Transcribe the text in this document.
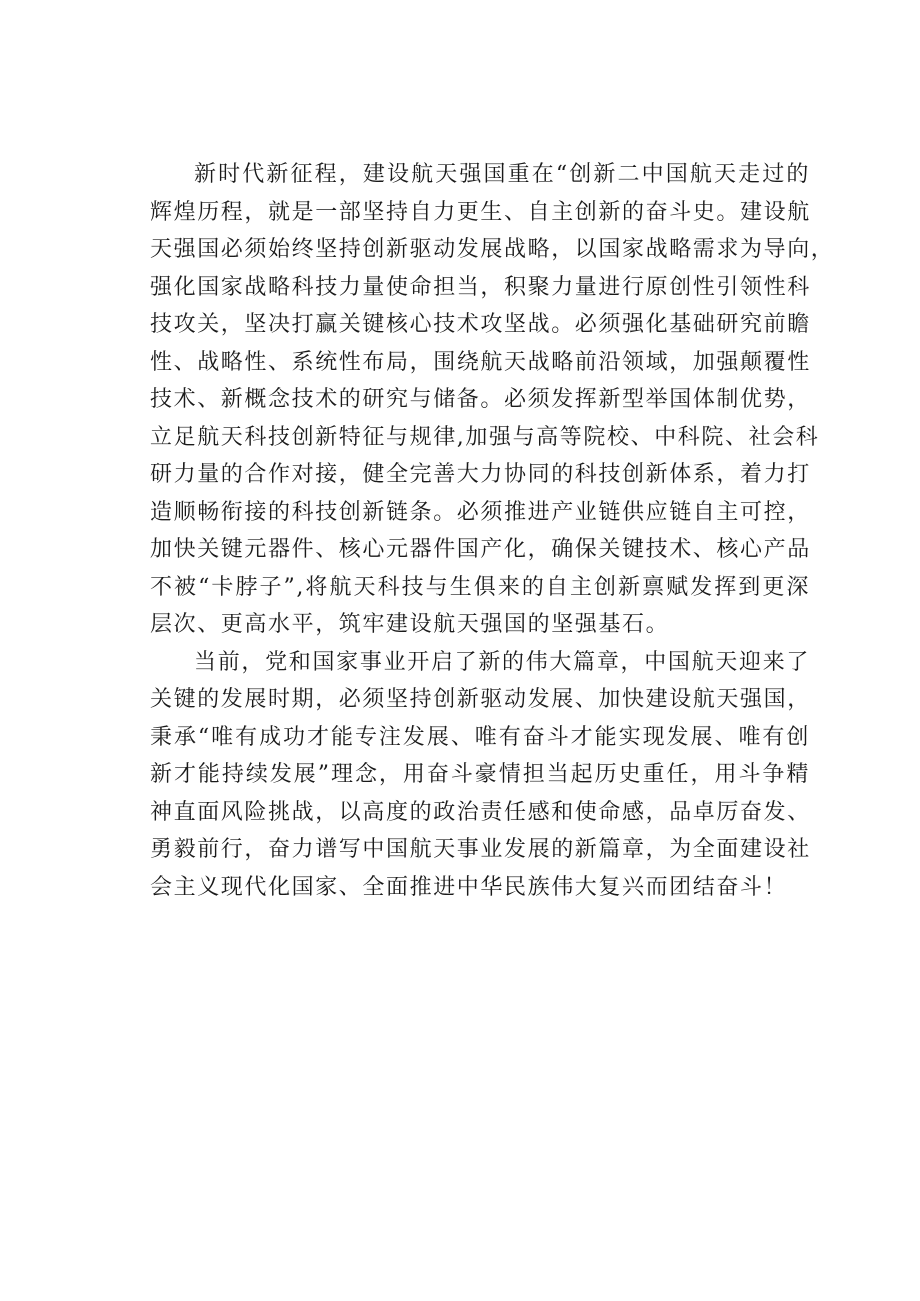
新时代新征程，建设航天强国重在“创新二中国航天走过的
辉煌历程，就是一部坚持自力更生、自主创新的奋斗史。建设航
天强国必须始终坚持创新驱动发展战略，以国家战略需求为导向，
强化国家战略科技力量使命担当，积聚力量进行原创性引领性科
技攻关，坚决打赢关键核心技术攻坚战。必须强化基础研究前瞻
性、战略性、系统性布局，围绕航天战略前沿领域，加强颠覆性
技术、新概念技术的研究与储备。必须发挥新型举国体制优势，
立足航天科技创新特征与规律,加强与高等院校、中科院、社会科
研力量的合作对接，健全完善大力协同的科技创新体系，着力打
造顺畅衔接的科技创新链条。必须推进产业链供应链自主可控，
加快关键元器件、核心元器件国产化，确保关键技术、核心产品
不被“卡脖子”,将航天科技与生俱来的自主创新禀赋发挥到更深
层次、更高水平，筑牢建设航天强国的坚强基石。
当前，党和国家事业开启了新的伟大篇章，中国航天迎来了
关键的发展时期，必须坚持创新驱动发展、加快建设航天强国，
秉承“唯有成功才能专注发展、唯有奋斗才能实现发展、唯有创
新才能持续发展”理念，用奋斗豪情担当起历史重任，用斗争精
神直面风险挑战，以高度的政治责任感和使命感，品卓厉奋发、
勇毅前行，奋力谱写中国航天事业发展的新篇章，为全面建设社
会主义现代化国家、全面推进中华民族伟大复兴而团结奋斗！
